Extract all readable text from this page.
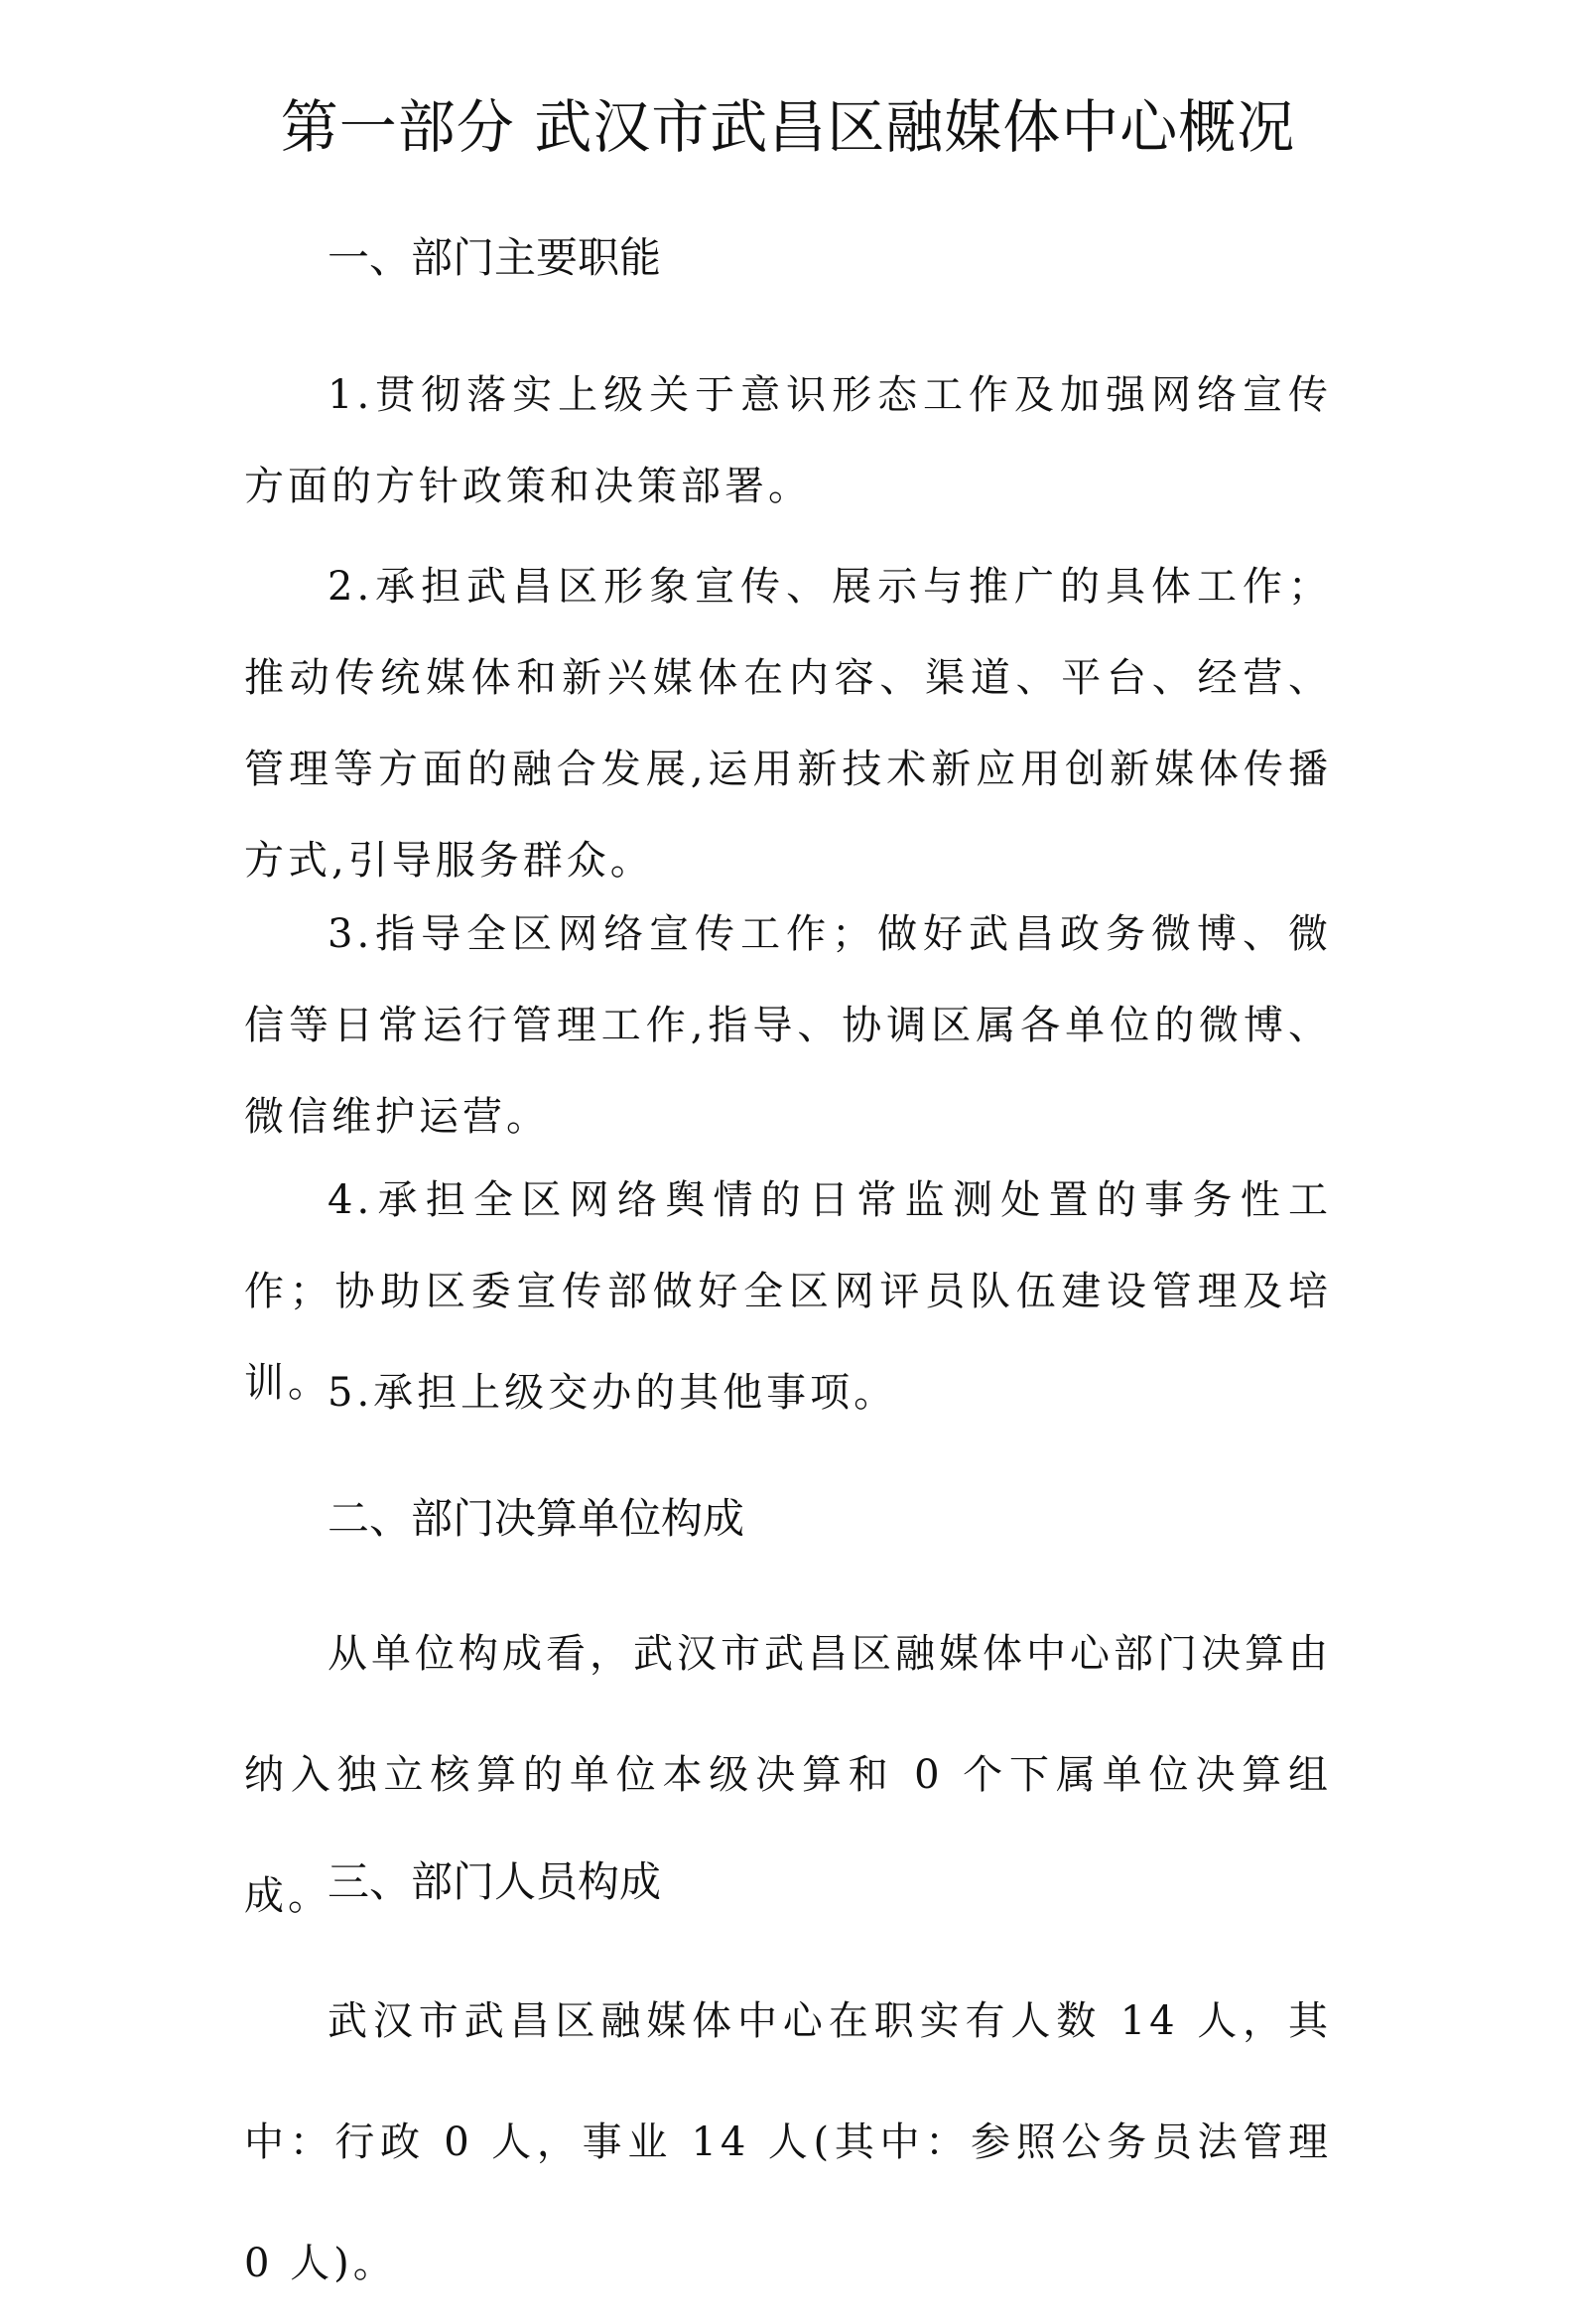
第一部分 武汉市武昌区融媒体中心概况
一、部门主要职能
1.贯彻落实上级关于意识形态工作及加强网络宣传方面的方针政策和决策部署。
2.承担武昌区形象宣传、展示与推广的具体工作；推动传统媒体和新兴媒体在内容、渠道、平台、经营、管理等方面的融合发展,运用新技术新应用创新媒体传播方式,引导服务群众。
3.指导全区网络宣传工作；做好武昌政务微博、微信等日常运行管理工作,指导、协调区属各单位的微博、微信维护运营。
4.承担全区网络舆情的日常监测处置的事务性工作；协助区委宣传部做好全区网评员队伍建设管理及培训。
5.承担上级交办的其他事项。
二、部门决算单位构成
从单位构成看，武汉市武昌区融媒体中心部门决算由纳入独立核算的单位本级决算和 0 个下属单位决算组成。
三、部门人员构成
武汉市武昌区融媒体中心在职实有人数 14 人，其中：行政 0 人，事业 14 人(其中：参照公务员法管理 0 人)。
